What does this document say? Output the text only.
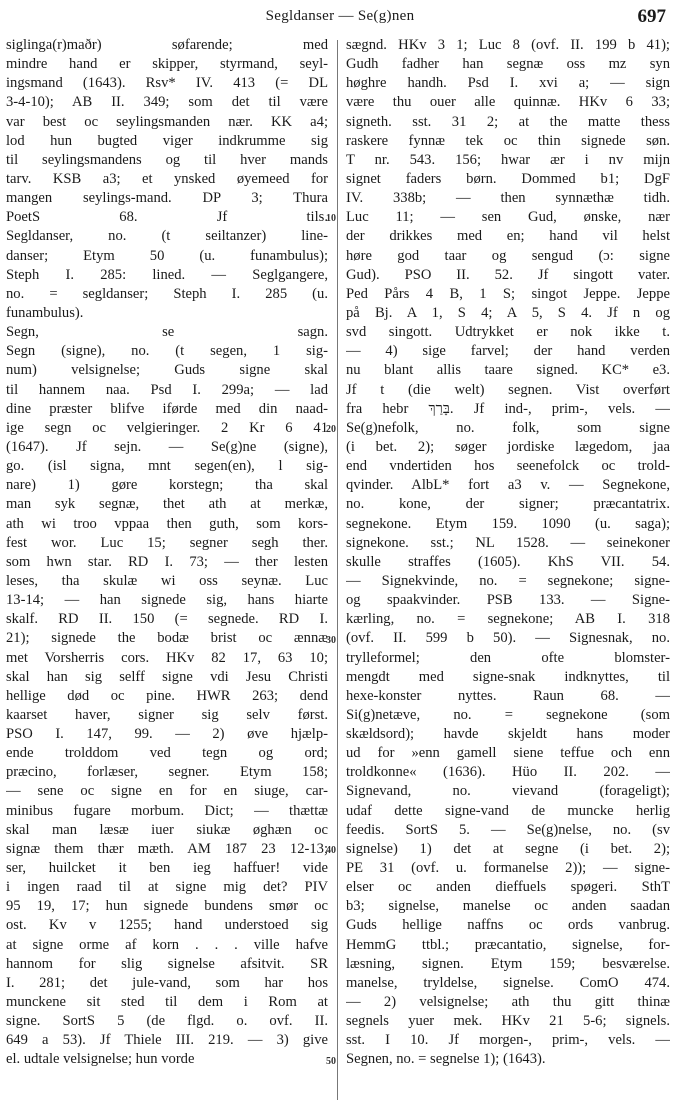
Segldanser — Se(g)nen	697
siglinga(r)maðr) søfarende; med
mindre hand er skipper, styrmand, seyl-
ingsmand (1643). Rsv* IV. 413 (= DL
3-4-10); AB II. 349; som det til være
var best oc seylingsmanden nær. KK a4;
lod hun bugted viger indkrumme sig
til seylingsmandens og til hver mands
tarv. KSB a3; et ynsked øyemeed for
mangen seylings-mand. DP 3; Thura
PoetS 68. Jf tils.
Segldanser, no. (t seiltanzer) line-
danser; Etym 50 (u. funambulus);
Steph I. 285: lined. — Seglgangere,
no. = segldanser; Steph I. 285 (u.
funambulus).
Segn, se sagn.
Segn (signe), no. (t segen, 1 sig-
num) velsignelse; Guds signe skal
til hannem naa. Psd I. 299a; — lad
dine præster blifve iførde med din naad-
ige segn oc velgieringer. 2 Kr 6 41
(1647). Jf sejn. — Se(g)ne (signe),
go. (isl signa, mnt segen(en), l sig-
nare) 1) gøre korstegn; tha skal
man syk segnæ, thet ath at merkæ,
ath wi troo vppaa then guth, som kors-
fest wor. Luc 15; segner segh ther.
som hwn star. RD I. 73; — ther lesten
leses, tha skulæ wi oss seynæ. Luc
13-14; — han signede sig, hans hiarte
skalf. RD II. 150 (= segnede. RD I.
21); signede the bodæ brist oc ænnæ
met Vorsherris cors. HKv 82 17, 63 10;
skal han sig selff signe vdi Jesu Christi
hellige død oc pine. HWR 263; dend
kaarset haver, signer sig selv først.
PSO I. 147, 99. — 2) øve hjælp-
ende trolddom ved tegn og ord;
præcino, forlæser, segner. Etym 158;
— sene oc signe en for en siuge, car-
minibus fugare morbum. Dict; — thættæ
skal man læsæ iuer siukæ øghæn oc
signæ them thær mæth. AM 187 23 12-13;
ser, huilcket it ben ieg haffuer! vide
i ingen raad til at signe mig det? PIV
95 19, 17; hun signede bundens smør oc
ost. Kv v 1255; hand understoed sig
at signe orme af korn . . . ville hafve
hannom for slig signelse afsitvit. SR
I. 281; det jule-vand, som har hos
munckene sit sted til dem i Rom at
signe. SortS 5 (de flgd. o. ovf. II.
649 a 53). Jf Thiele III. 219. — 3) give
el. udtale velsignelse; hun vorde
sægnd. HKv 3 1; Luc 8 (ovf. II. 199 b 41);
Gudh fadher han segnæ oss mz syn
høghre handh. Psd I. xvi a; — sign
være thu ouer alle quinnæ. HKv 6 33;
signeth. sst. 31 2; at the matte thess
raskere fynnæ tek oc thin signede søn.
T nr. 543. 156; hwar ær i nv mijn
signet faders børn. Dommed b1; DgF
IV. 338b; — then synnæthæ tidh.
Luc 11; — sen Gud, ønske, nær
der drikkes med en; hand vil helst
høre god taar og sengud (ɔ: signe
Gud). PSO II. 52. Jf singott vater.
Ped Pårs 4 B, 1 S; singot Jeppe. Jeppe
på Bj. A 1, S 4; A 5, S 4. Jf n og
svd singott. Udtrykket er nok ikke t.
— 4) sige farvel; der hand verden
nu blant allis taare signed. KC* e3.
Jf t (die welt) segnen. Vist overført
fra hebr בָּרַךְ. Jf ind-, prim-, vels. —
Se(g)nefolk, no. folk, som signe
(i bet. 2); søger jordiske lægedom, jaa
end vndertiden hos seenefolck oc trold-
qvinder. AlbL* fort a3 v. — Segnekone,
no. kone, der signer; præcantatrix.
segnekone. Etym 159. 1090 (u. saga);
signekone. sst.; NL 1528. — seinekoner
skulle straffes (1605). KhS VII. 54.
— Signekvinde, no. = segnekone; signe-
og spaakvinder. PSB 133. — Signe-
kærling, no. = segnekone; AB I. 318
(ovf. II. 599 b 50). — Signesnak, no.
trylleformel; den ofte blomster-
mengdt med signe-snak indknyttes, til
hexe-konster nyttes. Raun 68. —
Si(g)netæve, no. = segnekone (som
skældsord); havde skjeldt hans moder
ud for »enn gamell siene teffue och enn
troldkonne« (1636). Hüo II. 202. —
Signevand, no. vievand (forageligt);
udaf dette signe-vand de muncke herlig
feedis. SortS 5. — Se(g)nelse, no. (sv
signelse) 1) det at segne (i bet. 2);
PE 31 (ovf. u. formanelse 2)); — signe-
elser oc anden dieffuels spøgeri. SthT
b3; signelse, manelse oc anden saadan
Guds hellige naffns oc ords vanbrug.
HemmG ttbl.; præcantatio, signelse, for-
læsning, signen. Etym 159; besværelse.
manelse, tryldelse, signelse. ComO 474.
— 2) velsignelse; ath thu gitt thinæ
segnels yuer mek. HKv 21 5-6; signels.
sst. I 10. Jf morgen-, prim-, vels. —
Segnen, no. = segnelse 1); (1643).
10
20
30
40
50
